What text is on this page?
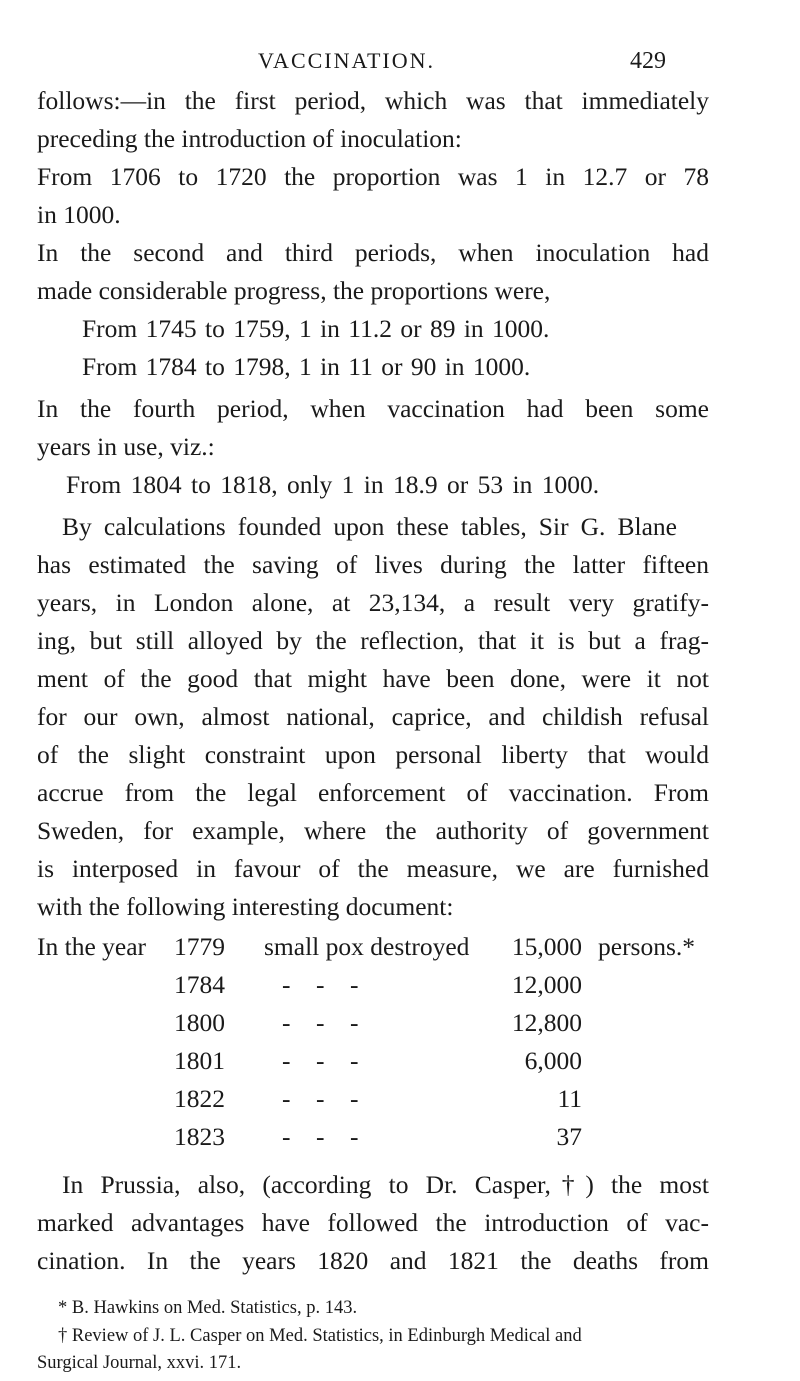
VACCINATION.	429
follows:—in the first period, which was that immediately
preceding the introduction of inoculation:
From 1706 to 1720 the proportion was 1 in 12.7 or 78
in 1000.
In the second and third periods, when inoculation had
made considerable progress, the proportions were,
From 1745 to 1759, 1 in 11.2 or 89 in 1000.
From 1784 to 1798, 1 in 11 or 90 in 1000.
In the fourth period, when vaccination had been some
years in use, viz.:
From 1804 to 1818, only 1 in 18.9 or 53 in 1000.
By calculations founded upon these tables, Sir G. Blane
has estimated the saving of lives during the latter fifteen
years, in London alone, at 23,134, a result very gratify-
ing, but still alloyed by the reflection, that it is but a frag-
ment of the good that might have been done, were it not
for our own, almost national, caprice, and childish refusal
of the slight constraint upon personal liberty that would
accrue from the legal enforcement of vaccination. From
Sweden, for example, where the authority of government
is interposed in favour of the measure, we are furnished
with the following interesting document:
In the year 1779 small pox destroyed	15,000 persons.*
1784 -    -    -	12,000
1800 -    -    -	12,800
1801 -    -    -	6,000
1822 -    -    -	11
1823 -    -    -	37
In Prussia, also, (according to Dr. Casper,†) the most
marked advantages have followed the introduction of vac-
cination. In the years 1820 and 1821 the deaths from
* B. Hawkins on Med. Statistics, p. 143.
† Review of J. L. Casper on Med. Statistics, in Edinburgh Medical and
Surgical Journal, xxvi. 171.
